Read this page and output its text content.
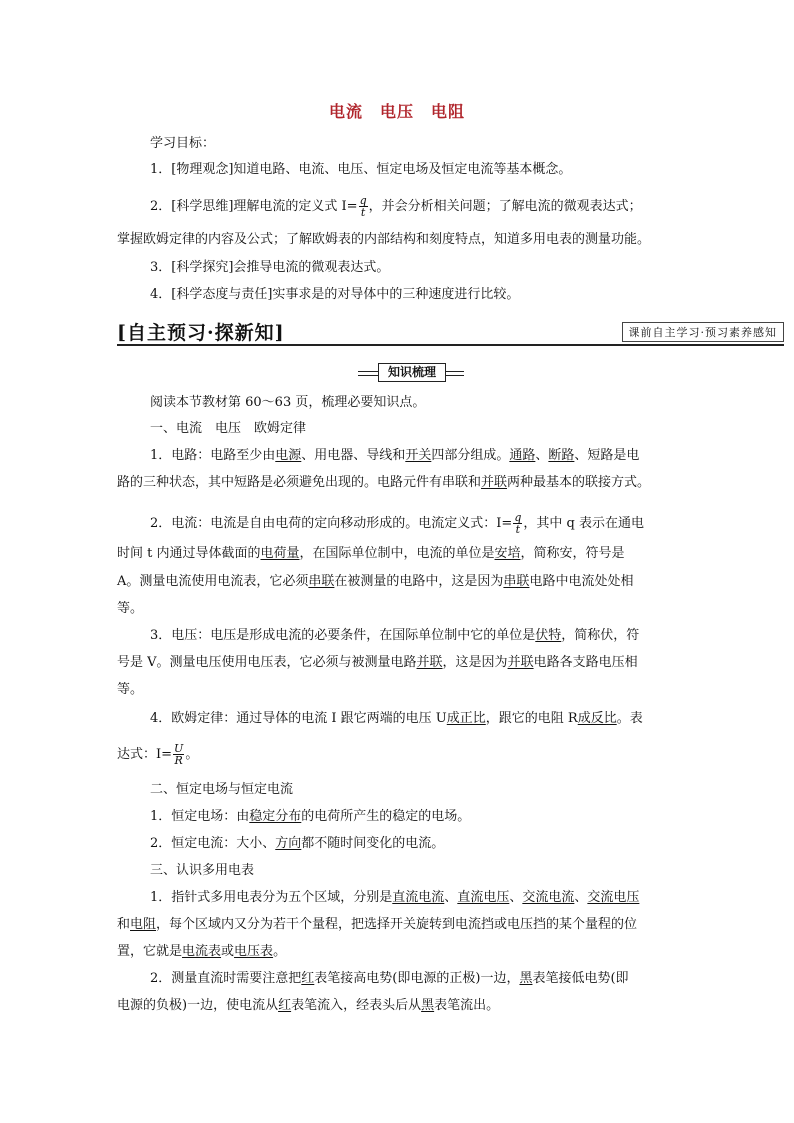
电流　电压　电阻
学习目标：
1．[物理观念]知道电路、电流、电压、恒定电场及恒定电流等基本概念。
2．[科学思维]理解电流的定义式 $I= \frac{q}{t}$ ，并会分析相关问题；了解电流的微观表达式；
掌握欧姆定律的内容及公式；了解欧姆表的内部结构和刻度特点，知道多用电表的测量功能。
3．[科学探究]会推导电流的微观表达式。
4．[科学态度与责任]实事求是的对导体中的三种速度进行比较。
[自主预习·探新知]	课前自主学习·预习素养感知
知识梳理
阅读本节教材第 60～63 页，梳理必要知识点。
一、电流　电压　欧姆定律
1．电路：电路至少由电源、用电器、导线和开关四部分组成。通路、断路、短路是电
路的三种状态，其中短路是必须避免出现的。电路元件有串联和并联两种最基本的联接方式。
2．电流：电流是自由电荷的定向移动形成的。电流定义式：$I= \frac{q}{t}$ ，其中 q 表示在通电
时间 t 内通过导体截面的电荷量，在国际单位制中，电流的单位是安培，简称安，符号是
A。测量电流使用电流表，它必须串联在被测量的电路中，这是因为串联电路中电流处处相
等。
3．电压：电压是形成电流的必要条件，在国际单位制中它的单位是伏特，简称伏，符
号是 V。测量电压使用电压表，它必须与被测量电路并联，这是因为并联电路各支路电压相
等。
4．欧姆定律：通过导体的电流 I 跟它两端的电压 U成正比，跟它的电阻 R成反比。表
达式：$I= \frac{U}{R}$ 。
二、恒定电场与恒定电流
1．恒定电场：由稳定分布的电荷所产生的稳定的电场。
2．恒定电流：大小、方向都不随时间变化的电流。
三、认识多用电表
1．指针式多用电表分为五个区域，分别是直流电流、直流电压、交流电流、交流电压
和电阻，每个区域内又分为若干个量程，把选择开关旋转到电流挡或电压挡的某个量程的位
置，它就是电流表或电压表。
2．测量直流时需要注意把红表笔接高电势(即电源的正极)一边，黑表笔接低电势(即
电源的负极)一边，使电流从红表笔流入，经表头后从黑表笔流出。
